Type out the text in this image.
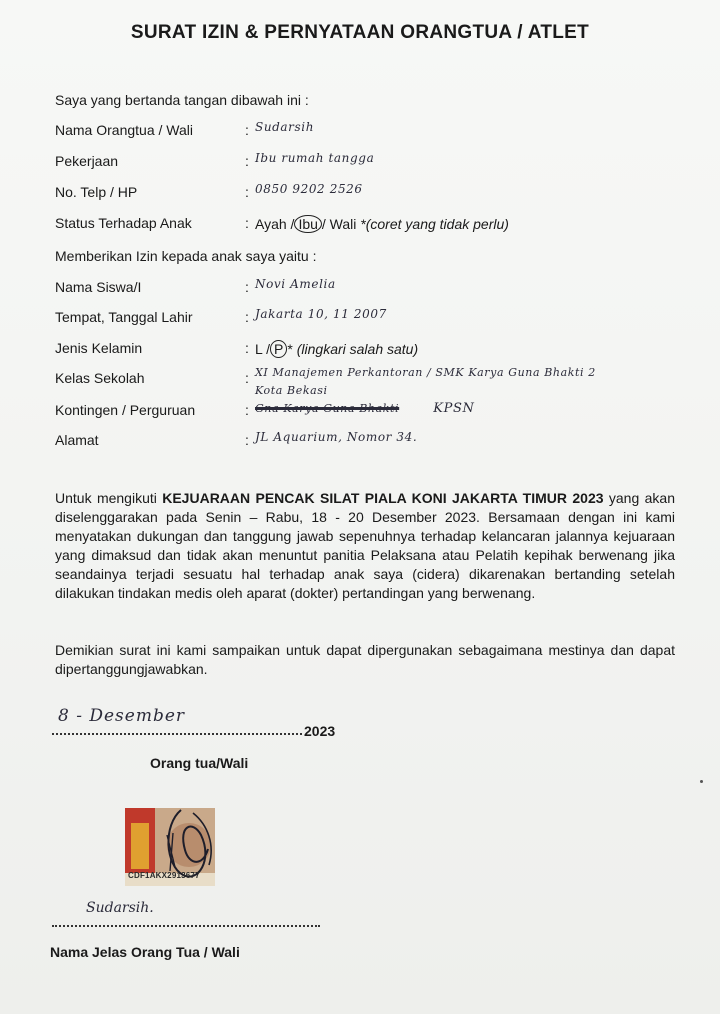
SURAT IZIN & PERNYATAAN ORANGTUA / ATLET
Saya yang bertanda tangan dibawah ini :
Nama Orangtua / Wali	: Sudarsih
Pekerjaan	: Ibu rumah tangga
No. Telp / HP	: 0850 9202 2526
Status Terhadap Anak	: Ayah / Ibu / Wali *(coret yang tidak perlu)
Memberikan Izin kepada anak saya yaitu :
Nama Siswa/I	: Novi Amelia
Tempat, Tanggal Lahir	: Jakarta 10, 11 2007
Jenis Kelamin	: L / P * (lingkari salah satu)
Kelas Sekolah	: XI Manajemen Perkantoran / SMK Karya Guna Bhakti 2
Kota Bekasi
Kontingen / Perguruan	: Gna Karya Guna Bhakti	KPSN
Alamat	: JL Aquarium, Nomor 34.
Untuk mengikuti KEJUARAAN PENCAK SILAT PIALA KONI JAKARTA TIMUR 2023 yang akan diselenggarakan pada Senin – Rabu, 18 - 20 Desember 2023. Bersamaan dengan ini kami menyatakan dukungan dan tanggung jawab sepenuhnya terhadap kelancaran jalannya kejuaraan yang dimaksud dan tidak akan menuntut panitia Pelaksana atau Pelatih kepihak berwenang jika seandainya terjadi sesuatu hal terhadap anak saya (cidera) dikarenakan bertanding setelah dilakukan tindakan medis oleh aparat (dokter) pertandingan yang berwenang.
Demikian surat ini kami sampaikan untuk dapat dipergunakan sebagaimana mestinya dan dapat dipertanggungjawabkan.
8 - Desember
2023
Orang tua/Wali
CDF1AKX2913677
Sudarsih.
Nama Jelas Orang Tua / Wali
